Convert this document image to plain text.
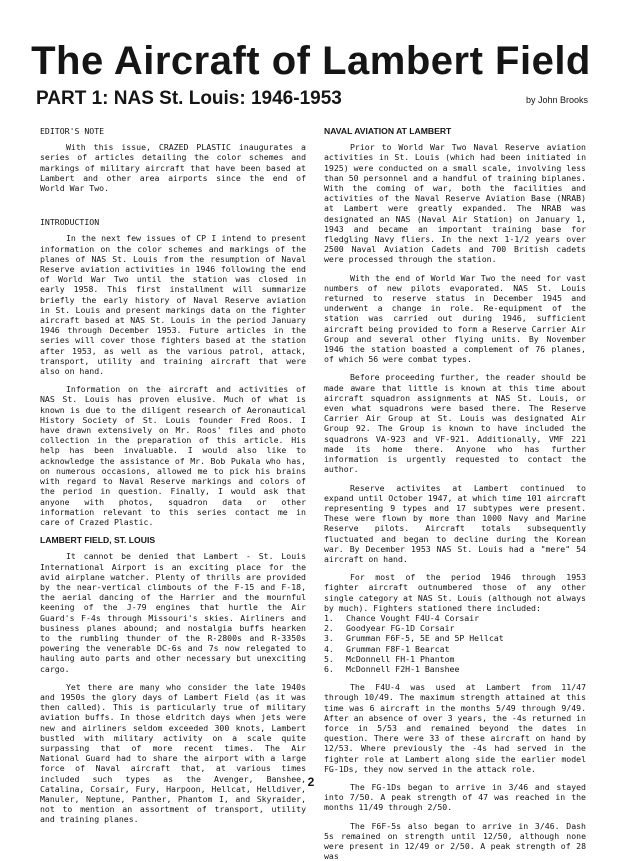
The Aircraft of Lambert Field
PART 1: NAS St. Louis: 1946-1953	by John Brooks
EDITOR'S NOTE

With this issue, CRAZED PLASTIC inaugurates a series of articles detailing the color schemes and markings of military aircraft that have been based at Lambert and other area airports since the end of World War Two.

INTRODUCTION

In the next few issues of CP I intend to present information on the color schemes and markings of the planes of NAS St. Louis from the resumption of Naval Reserve aviation activities in 1946 following the end of World War Two until the station was closed in early 1958. This first installment will summarize briefly the early history of Naval Reserve aviation in St. Louis and present markings data on the fighter aircraft based at NAS St. Louis in the period January 1946 through December 1953. Future articles in the series will cover those fighters based at the station after 1953, as well as the various patrol, attack, transport, utility and training aircraft that were also on hand.

Information on the aircraft and activities of NAS St. Louis has proven elusive. Much of what is known is due to the diligent research of Aeronautical History Society of St. Louis founder Fred Roos. I have drawn extensively on Mr. Roos' files and photo collection in the preparation of this article. His help has been invaluable. I would also like to acknowledge the assistance of Mr. Bob Pukala who has, on numerous occasions, allowed me to pick his brains with regard to Naval Reserve markings and colors of the period in question. Finally, I would ask that anyone with photos, squadron data or other information relevant to this series contact me in care of Crazed Plastic.

LAMBERT FIELD, ST. LOUIS

It cannot be denied that Lambert - St. Louis International Airport is an exciting place for the avid airplane watcher. Plenty of thrills are provided by the near-vertical climbouts of the F-15 and F-18, the aerial dancing of the Harrier and the mournful keening of the J-79 engines that hurtle the Air Guard's F-4s through Missouri's skies. Airliners and business planes abound; and nostalgia buffs hearken to the rumbling thunder of the R-2800s and R-3350s powering the venerable DC-6s and 7s now relegated to hauling auto parts and other necessary but unexciting cargo.

Yet there are many who consider the late 1940s and 1950s the glory days of Lambert Field (as it was then called). This is particularly true of military aviation buffs. In those eldritch days when jets were new and airliners seldom exceeded 300 knots, Lambert bustled with military activity on a scale quite surpassing that of more recent times. The Air National Guard had to share the airport with a large force of Naval aircraft that, at various times included such types as the Avenger, Banshee, Catalina, Corsair, Fury, Harpoon, Hellcat, Helldiver, Manuler, Neptune, Panther, Phantom I, and Skyraider, not to mention an assortment of transport, utility and training planes.

NAVAL AVIATION AT LAMBERT

Prior to World War Two Naval Reserve aviation activities in St. Louis (which had been initiated in 1925) were conducted on a small scale, involving less than 50 personnel and a handful of training biplanes. With the coming of war, both the facilities and activities of the Naval Reserve Aviation Base (NRAB) at Lambert were greatly expanded. The NRAB was designated an NAS (Naval Air Station) on January 1, 1943 and became an important training base for fledgling Navy fliers. In the next 1-1/2 years over 2500 Naval Aviation Cadets and 700 British cadets were processed through the station.

With the end of World War Two the need for vast numbers of new pilots evaporated. NAS St. Louis returned to reserve status in December 1945 and underwent a change in role. Re-equipment of the station was carried out during 1946, sufficient aircraft being provided to form a Reserve Carrier Air Group and several other flying units. By November 1946 the station boasted a complement of 76 planes, of which 56 were combat types.

Before proceeding further, the reader should be made aware that little is known at this time about aircraft squadron assignments at NAS St. Louis, or even what squadrons were based there. The Reserve Carrier Air Group at St. Louis was designated Air Group 92. The Group is known to have included the squadrons VA-923 and VF-921. Additionally, VMF 221 made its home there. Anyone who has further information is urgently requested to contact the author.

Reserve activites at Lambert continued to expand until October 1947, at which time 101 aircraft representing 9 types and 17 subtypes were present. These were flown by more than 1000 Navy and Marine Reserve pilots. Aircraft totals subsequently fluctuated and began to decline during the Korean war. By December 1953 NAS St. Louis had a "mere" 54 aircraft on hand.

For most of the period 1946 through 1953 fighter aircraft outnumbered those of any other single category at NAS St. Louis (although not always by much). Fighters stationed there included:

1. Chance Vought F4U-4 Corsair
2. Goodyear FG-1D Corsair
3. Grumman F6F-5, 5E and 5P Hellcat
4. Grumman F8F-1 Bearcat
5. McDonnell FH-1 Phantom
6. McDonnell F2H-1 Banshee

The F4U-4 was used at Lambert from 11/47 through 10/49. The maximum strength attained at this time was 6 aircraft in the months 5/49 through 9/49. After an absence of over 3 years, the -4s returned in force in 5/53 and remained beyond the dates in question. There were 33 of these aircraft on hand by 12/53. Where previously the -4s had served in the fighter role at Lambert along side the earlier model FG-1Ds, they now served in the attack role.

The FG-1Ds began to arrive in 3/46 and stayed into 7/50. A peak strength of 47 was reached in the months 11/49 through 2/50.

The F6F-5s also began to arrive in 3/46. Dash 5s remained on strength until 12/50, although none were present in 12/49 or 2/50. A peak strength of 28 was

2
